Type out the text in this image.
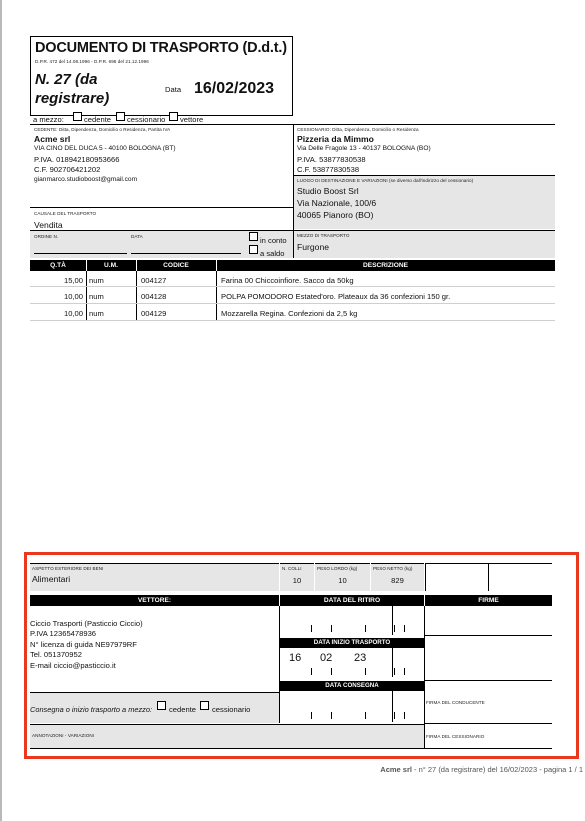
DOCUMENTO DI TRASPORTO (D.d.t.)
D.P.R. 472 del 14.08.1996 - D.P.R. 696 del 21.12.1996
N. 27 (da registrare)
Data 16/02/2023
a mezzo:	cedente cessionario vettore
CEDENTE: Ditta, Dipendenza, Domicilio o Residenza, Partita IVA
Acme srl
VIA CINO DEL DUCA 5 - 40100 BOLOGNA (BT)
P.IVA. 018942180953666
C.F. 902706421202
gianmarco.studioboost@gmail.com
CESSIONARIO: Ditta, Dipendenza, Domicilio o Residenza
Pizzeria da Mimmo
Via Delle Fragole 13 - 40137 BOLOGNA (BO)
P.IVA. 53877830538
C.F. 53877830538
LUOGO DI DESTINAZIONE E VARIAZIONI (se diverso dall'indirizzo del cessionario)
Studio Boost Srl
Via Nazionale, 100/6
40065 Pianoro (BO)
CAUSALE DEL TRASPORTO
Vendita
ORDINE N.	DATA	in conto
a saldo
MEZZO DI TRASPORTO
Furgone
Q.TÀ	U.M.	CODICE	DESCRIZIONE
15,00 num	004127	Farina 00 Chiccoinfiore. Sacco da 50kg
10,00 num	004128	POLPA POMODORO Estated'oro. Plateaux da 36 confezioni 150 gr.
10,00 num	004129	Mozzarella Regina. Confezioni da 2,5 kg
ASPETTO ESTERIORE DEI BENI
Alimentari
N. COLLI
10
PESO LORDO (kg)
10
PESO NETTO (kg)
829
VETTORE:	DATA DEL RITIRO	FIRME
Ciccio Trasporti (Pasticcio Ciccio)
P.IVA 12365478936
N° licenza di guida NE97979RF
Tel. 051370952
E-mail ciccio@pasticcio.it
DATA INIZIO TRASPORTO
16 02 23
DATA CONSEGNA
FIRMA DEL CONDUCENTE
FIRMA DEL CESSIONARIO
Consegna o inizio trasporto a mezzo: cedente cessionario
ANNOTAZIONI - VARIAZIONI
Acme srl - n° 27 (da registrare) del 16/02/2023 - pagina 1 / 1
